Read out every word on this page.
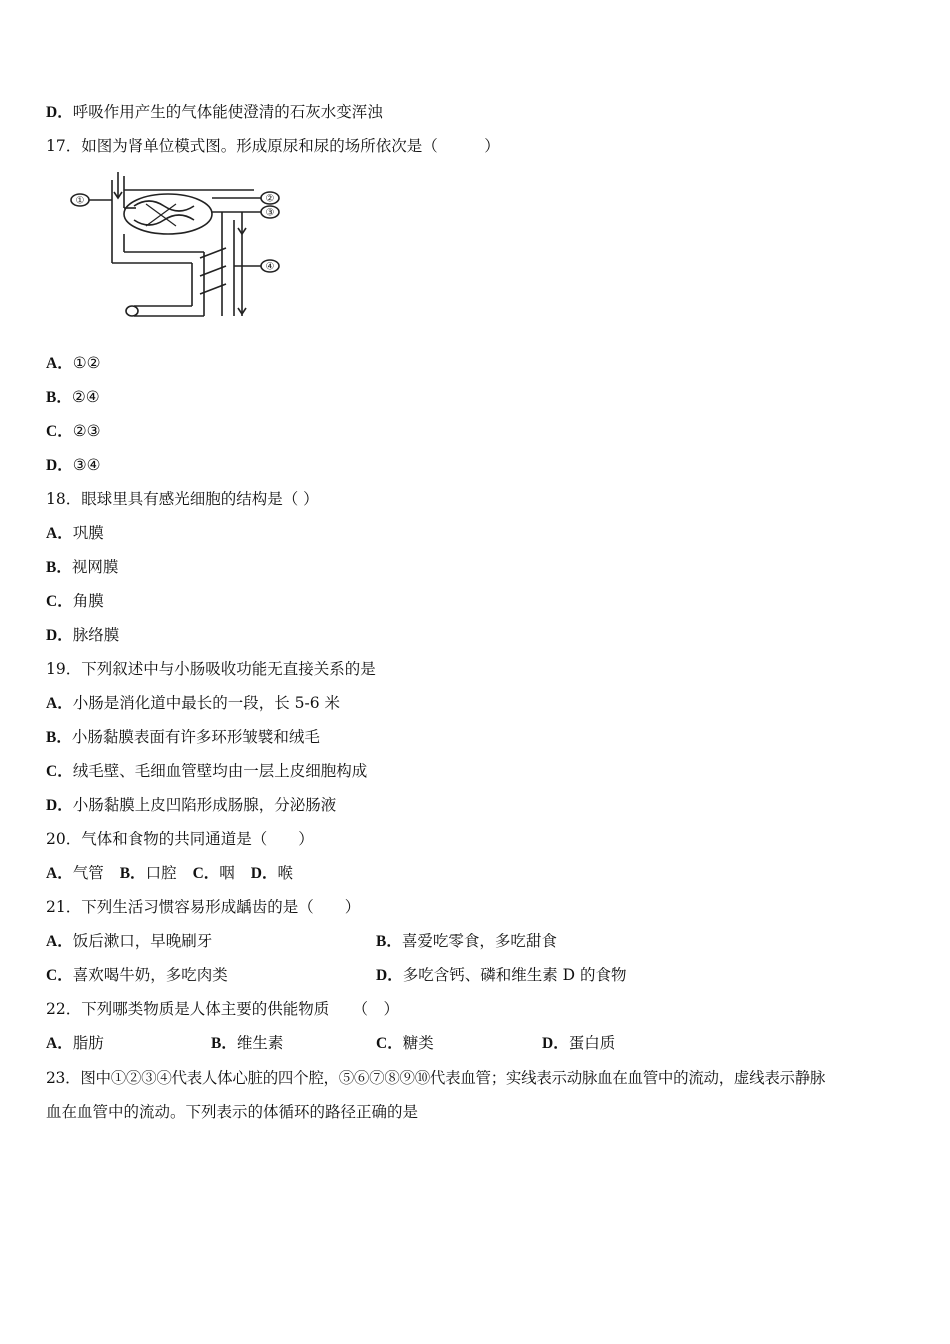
D．呼吸作用产生的气体能使澄清的石灰水变浑浊
17．如图为肾单位模式图。形成原尿和尿的场所依次是（　　　）
①	②
③
④
A．①②
B．②④
C．②③
D．③④
18．眼球里具有感光细胞的结构是（ ）
A．巩膜
B．视网膜
C．角膜
D．脉络膜
19．下列叙述中与小肠吸收功能无直接关系的是
A．小肠是消化道中最长的一段，长 5-6 米
B．小肠黏膜表面有许多环形皱襞和绒毛
C．绒毛壁、毛细血管壁均由一层上皮细胞构成
D．小肠黏膜上皮凹陷形成肠腺，分泌肠液
20．气体和食物的共同通道是（　　）
A．气管 B．口腔 C．咽 D．喉
21．下列生活习惯容易形成龋齿的是（　　）
A．饭后漱口，早晚刷牙	B．喜爱吃零食，多吃甜食
C．喜欢喝牛奶，多吃肉类	D．多吃含钙、磷和维生素 D 的食物
22．下列哪类物质是人体主要的供能物质　　（　）
A．脂肪	B．维生素	C．糖类	D．蛋白质
23．图中①②③④代表人体心脏的四个腔，⑤⑥⑦⑧⑨⑩代表血管；实线表示动脉血在血管中的流动，虚线表示静脉
血在血管中的流动。下列表示的体循环的路径正确的是
